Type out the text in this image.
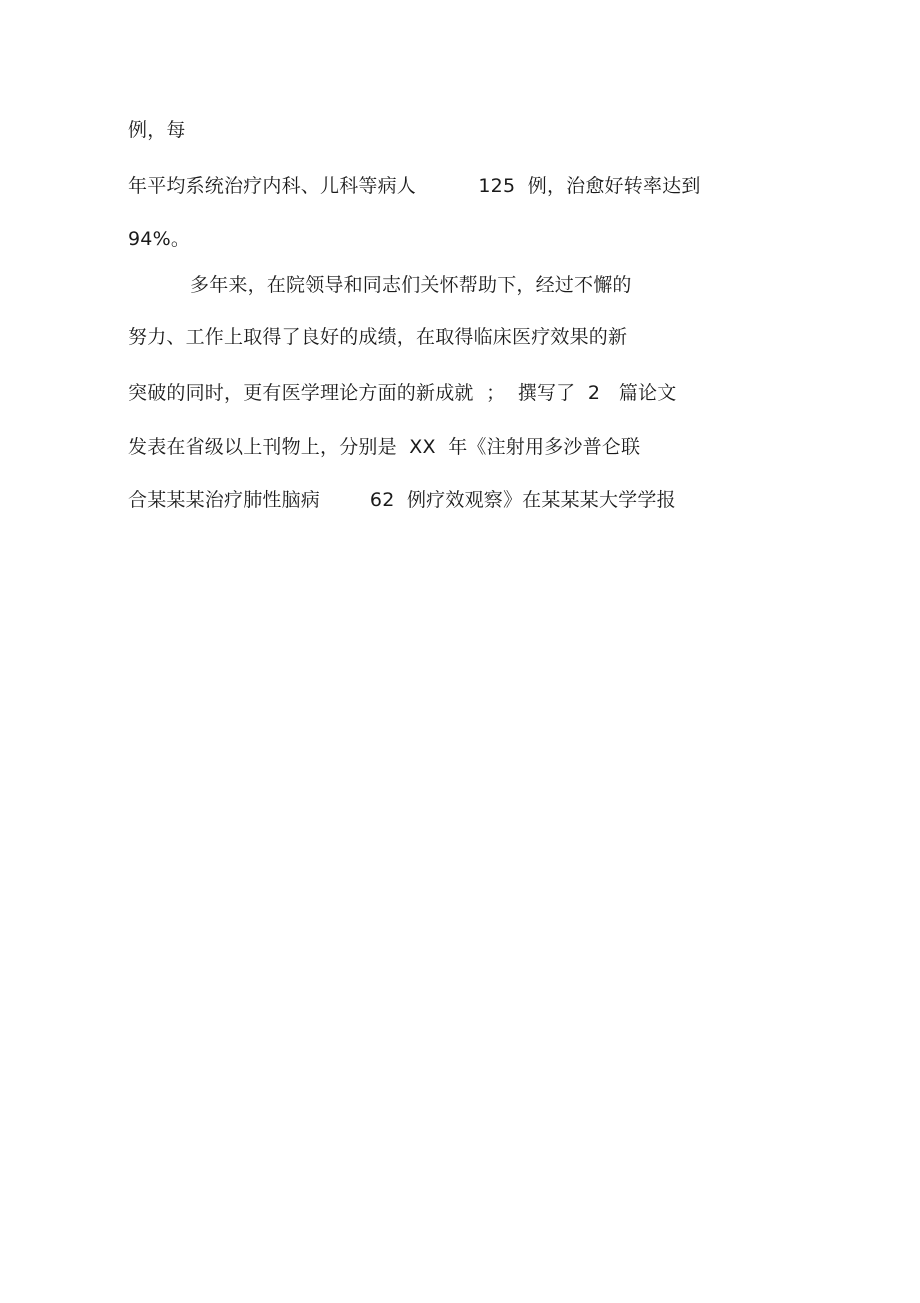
例，每
年平均系统治疗内科、儿科等病人          125  例，治愈好转率达到
94%。
多年来，在院领导和同志们关怀帮助下，经过不懈的
努力、工作上取得了良好的成绩，在取得临床医疗效果的新
突破的同时，更有医学理论方面的新成就  ；  撰写了  2   篇论文
发表在省级以上刊物上，分别是  XX  年《注射用多沙普仑联
合某某某治疗肺性脑病        62  例疗效观察》在某某某大学学报
